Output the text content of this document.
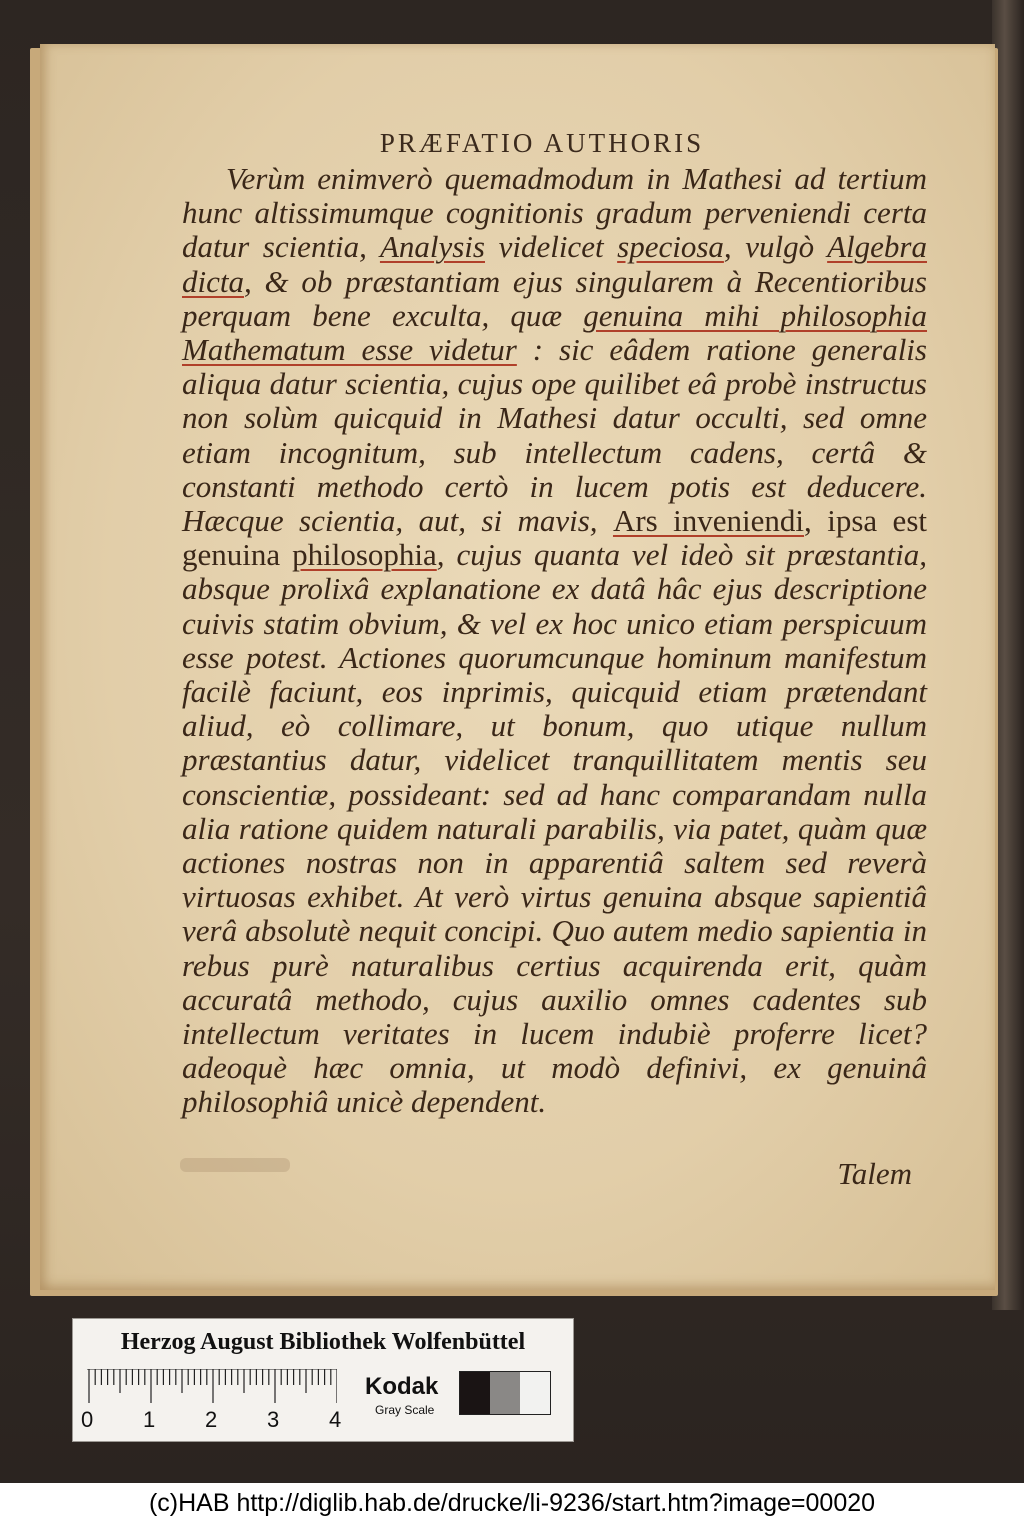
PRÆFATIO AUTHORIS

Verùm enimverò quemadmodum in Mathesi ad tertium hunc altissimumque cognitionis gradum perveniendi certa datur scientia, Analysis videlicet speciosa, vulgò Algebra dicta, & ob præstantiam ejus singularem à Recentioribus perquam bene exculta, quæ genuina mihi philosophia Mathematum esse videtur : sic eâdem ratione generalis aliqua datur scientia, cujus ope quilibet eâ probè instructus non solùm quicquid in Mathesi datur occulti, sed omne etiam incognitum, sub intellectum cadens, certâ & constanti methodo certò in lucem potis est deducere. Hæcque scientia, aut, si mavis, Ars inveniendi, ipsa est genuina philosophia, cujus quanta vel ideò sit præstantia, absque prolixâ explanatione ex datâ hâc ejus descriptione cuivis statim obvium, & vel ex hoc unico etiam perspicuum esse potest. Actiones quorumcunque hominum manifestum facilè faciunt, eos inprimis, quicquid etiam prætendant aliud, eò collimare, ut bonum, quo utique nullum præstantius datur, videlicet tranquillitatem mentis seu conscientiæ, possideant: sed ad hanc comparandam nulla alia ratione quidem naturali parabilis, via patet, quàm quæ actiones nostras non in apparentiâ saltem sed reverà virtuosas exhibet. At verò virtus genuina absque sapientiâ verâ absolutè nequit concipi. Quo autem medio sapientia in rebus purè naturalibus certius acquirenda erit, quàm accuratâ methodo, cujus auxilio omnes cadentes sub intellectum veritates in lucem indubiè proferre licet? adeoquè hæc omnia, ut modò definivi, ex genuinâ philosophiâ unicè dependent.

Talem
Herzog August Bibliothek Wolfenbüttel
0 1 2 3 4
Kodak
Gray Scale
(c)HAB http://diglib.hab.de/drucke/li-9236/start.htm?image=00020
